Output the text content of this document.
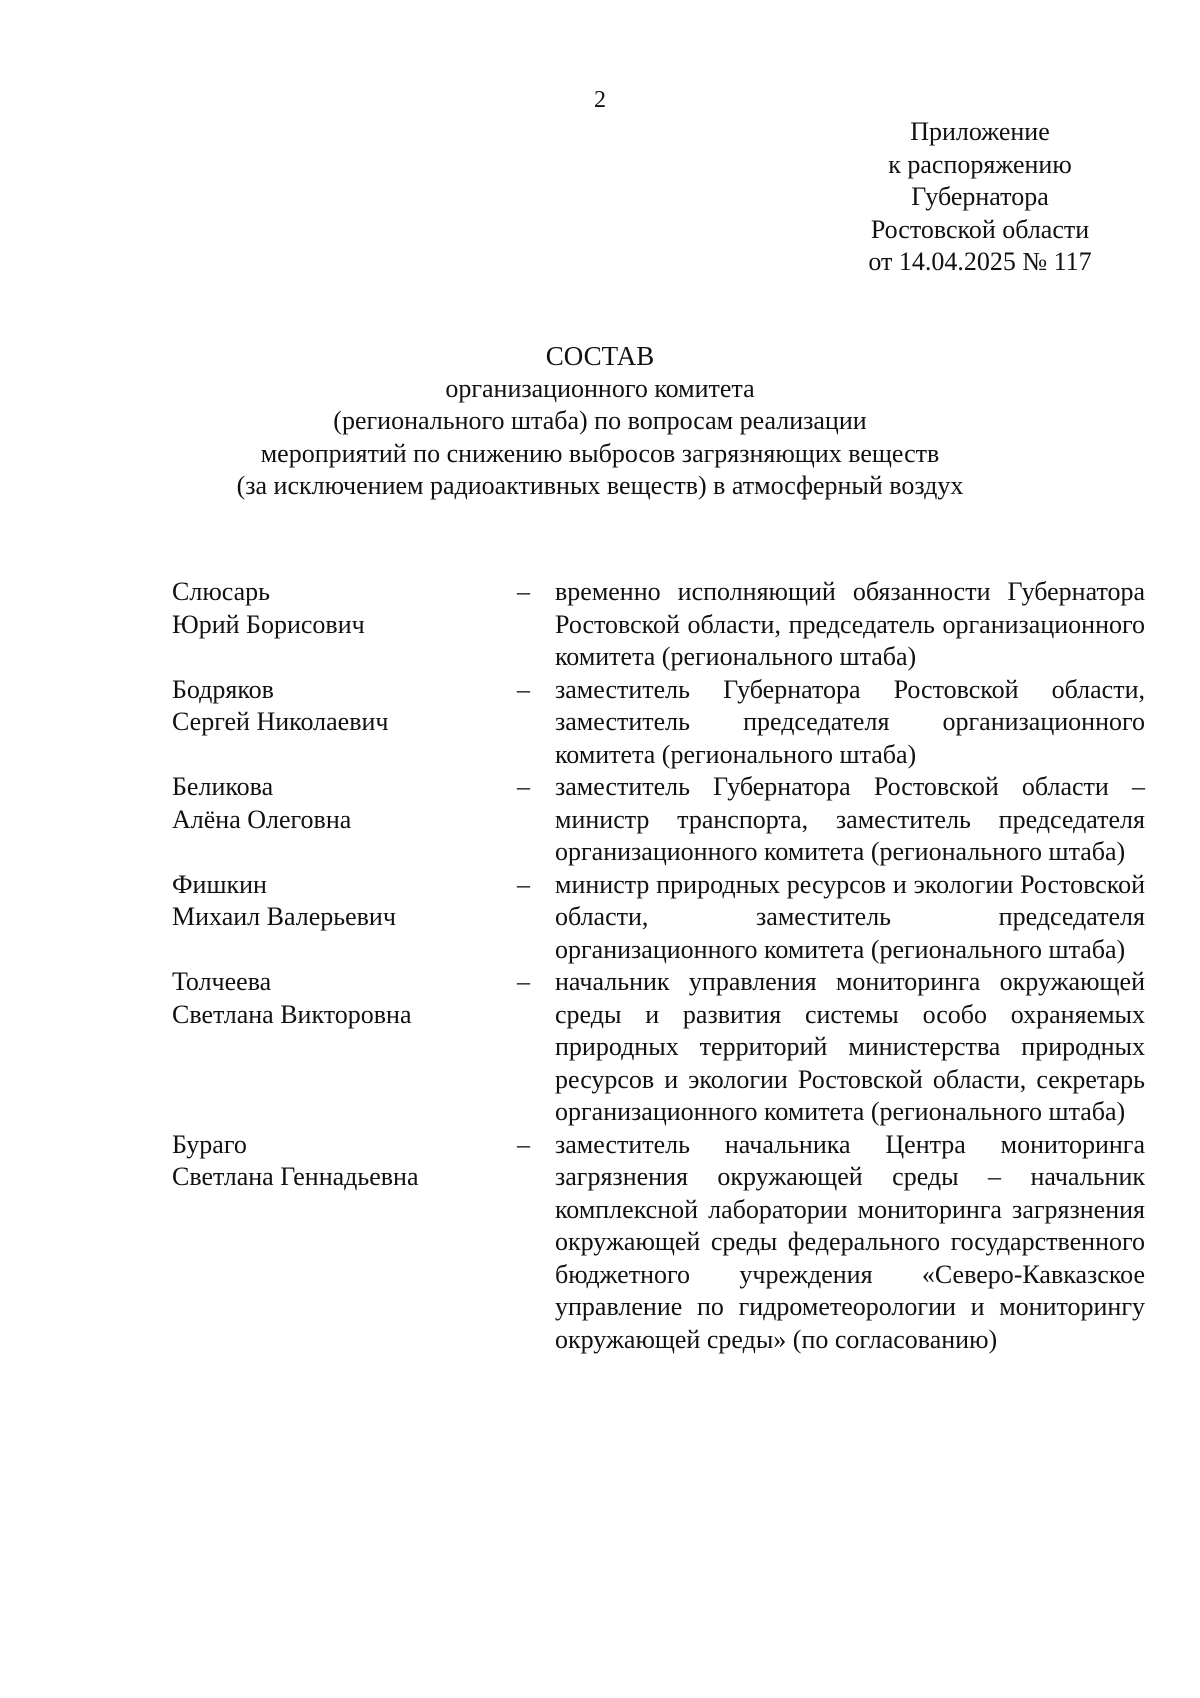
2
Приложение
к распоряжению
Губернатора
Ростовской области
от 14.04.2025 № 117
СОСТАВ
организационного комитета
(регионального штаба) по вопросам реализации
мероприятий по снижению выбросов загрязняющих веществ
(за исключением радиоактивных веществ) в атмосферный воздух
Слюсарь
Юрий Борисович
– временно исполняющий обязанности Губернатора Ростовской области, председатель организационного комитета (регионального штаба)
Бодряков
Сергей Николаевич
– заместитель Губернатора Ростовской области, заместитель председателя организационного комитета (регионального штаба)
Беликова
Алёна Олеговна
– заместитель Губернатора Ростовской области – министр транспорта, заместитель председателя организационного комитета (регионального штаба)
Фишкин
Михаил Валерьевич
– министр природных ресурсов и экологии Ростовской области, заместитель председателя организационного комитета (регионального штаба)
Толчеева
Светлана Викторовна
– начальник управления мониторинга окружающей среды и развития системы особо охраняемых природных территорий министерства природных ресурсов и экологии Ростовской области, секретарь организационного комитета (регионального штаба)
Бураго
Светлана Геннадьевна
– заместитель начальника Центра мониторинга загрязнения окружающей среды – начальник комплексной лаборатории мониторинга загрязнения окружающей среды федерального государственного бюджетного учреждения «Северо-Кавказское управление по гидрометеорологии и мониторингу окружающей среды» (по согласованию)
